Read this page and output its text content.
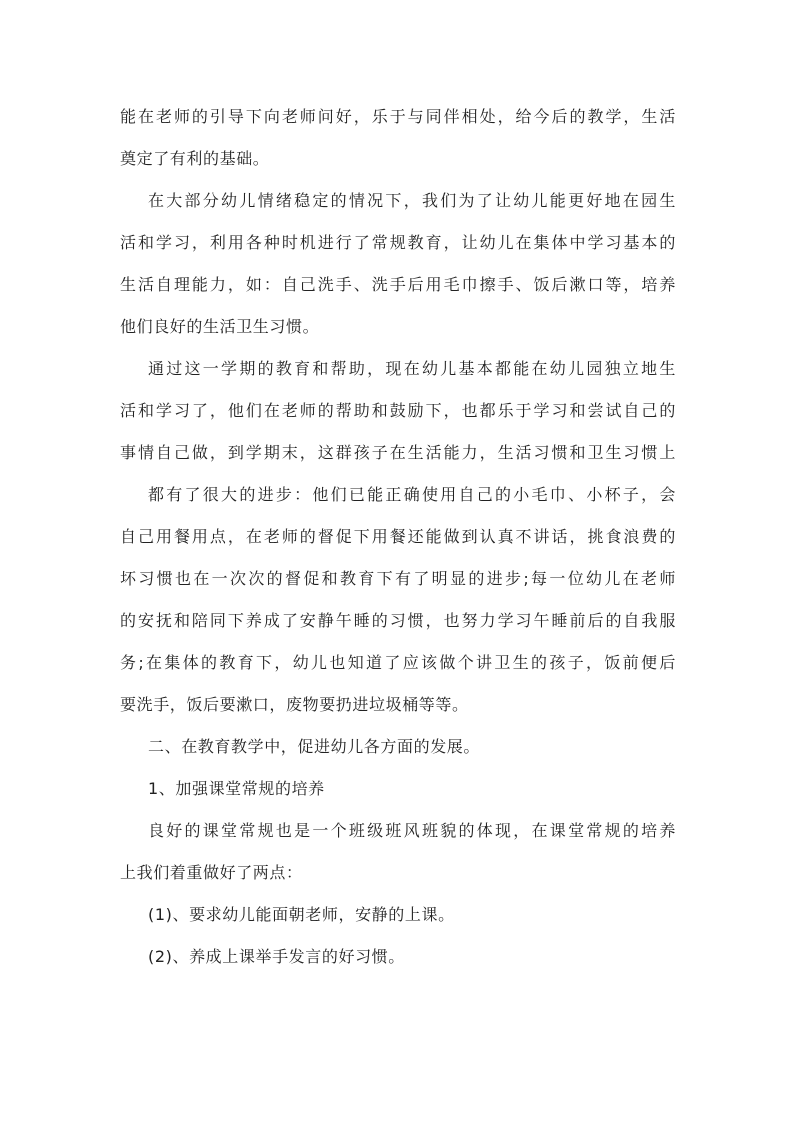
能在老师的引导下向老师问好，乐于与同伴相处，给今后的教学，生活
奠定了有利的基础。
在大部分幼儿情绪稳定的情况下，我们为了让幼儿能更好地在园生
活和学习，利用各种时机进行了常规教育，让幼儿在集体中学习基本的
生活自理能力，如：自己洗手、洗手后用毛巾擦手、饭后漱口等，培养
他们良好的生活卫生习惯。
通过这一学期的教育和帮助，现在幼儿基本都能在幼儿园独立地生
活和学习了，他们在老师的帮助和鼓励下，也都乐于学习和尝试自己的
事情自己做，到学期末，这群孩子在生活能力，生活习惯和卫生习惯上
都有了很大的进步：他们已能正确使用自己的小毛巾、小杯子，会
自己用餐用点，在老师的督促下用餐还能做到认真不讲话，挑食浪费的
坏习惯也在一次次的督促和教育下有了明显的进步;每一位幼儿在老师
的安抚和陪同下养成了安静午睡的习惯，也努力学习午睡前后的自我服
务;在集体的教育下，幼儿也知道了应该做个讲卫生的孩子，饭前便后
要洗手，饭后要漱口，废物要扔进垃圾桶等等。
二、在教育教学中，促进幼儿各方面的发展。
1、加强课堂常规的培养
良好的课堂常规也是一个班级班风班貌的体现，在课堂常规的培养
上我们着重做好了两点：
(1)、要求幼儿能面朝老师，安静的上课。
(2)、养成上课举手发言的好习惯。
